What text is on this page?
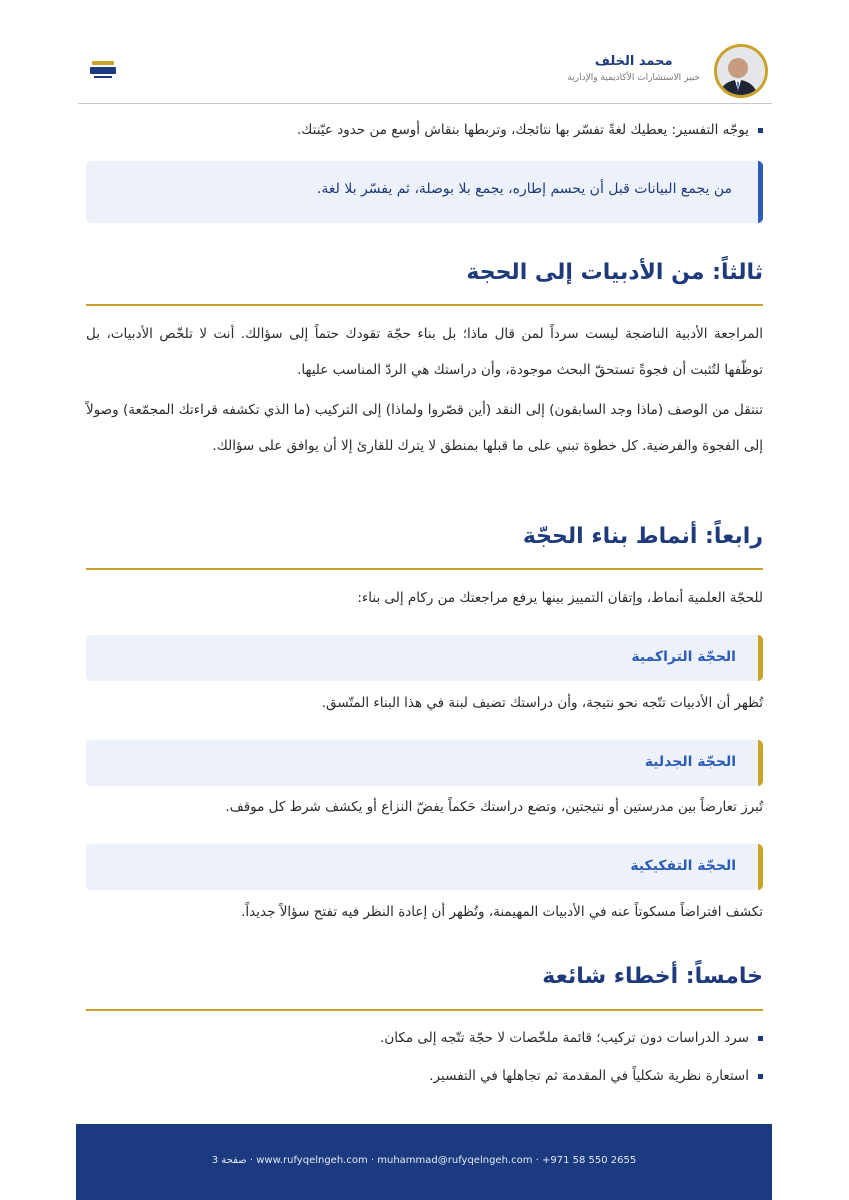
محمد الخلف
خبير الاستشارات الأكاديمية والإدارية
يوجّه التفسير: يعطيك لغةً تفسّر بها نتائجك، وتربطها بنقاش أوسع من حدود عيّنتك.

من يجمع البيانات قبل أن يحسم إطاره، يجمع بلا بوصلة، ثم يفسّر بلا لغة.

ثالثاً: من الأدبيات إلى الحجة

المراجعة الأدبية الناضجة ليست سرداً لمن قال ماذا؛ بل بناء حجّة تقودك حتماً إلى سؤالك. أنت لا تلخّص الأدبيات، بل توظّفها لتُثبت أن فجوةً تستحقّ البحث موجودة، وأن دراستك هي الردّ المناسب عليها.

تنتقل من الوصف (ماذا وجد السابقون) إلى النقد (أين قصّروا ولماذا) إلى التركيب (ما الذي تكشفه قراءتك المجمّعة) وصولاً إلى الفجوة والفرضية. كل خطوة تبني على ما قبلها بمنطق لا يترك للقارئ إلا أن يوافق على سؤالك.

رابعاً: أنماط بناء الحجّة
للحجّة العلمية أنماط، وإتقان التمييز بينها يرفع مراجعتك من ركام إلى بناء:
الحجّة التراكمية
تُظهر أن الأدبيات تتّجه نحو نتيجة، وأن دراستك تضيف لبنة في هذا البناء المتّسق.
الحجّة الجدلية
تُبرز تعارضاً بين مدرستين أو نتيجتين، وتضع دراستك حَكماً يفضّ النزاع أو يكشف شرط كل موقف.
الحجّة التفكيكية
تكشف افتراضاً مسكوتاً عنه في الأدبيات المهيمنة، وتُظهر أن إعادة النظر فيه تفتح سؤالاً جديداً.
خامساً: أخطاء شائعة
سرد الدراسات دون تركيب؛ قائمة ملخّصات لا حجّة تتّجه إلى مكان.
استعارة نظرية شكلياً في المقدمة ثم تجاهلها في التفسير.
صفحة 3 · www.rufyqelngeh.com · muhammad@rufyqelngeh.com · +971 58 550 2655
